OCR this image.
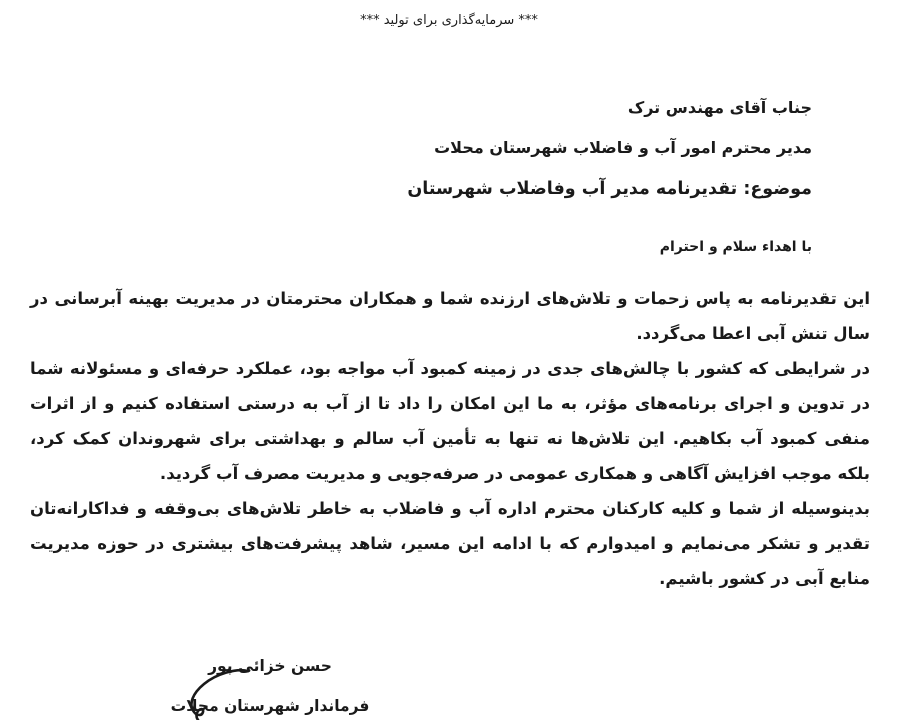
*** سرمایه‌گذاری برای تولید ***
جناب آقای مهندس ترک
مدیر محترم امور آب و فاضلاب شهرستان محلات
موضوع: تقدیرنامه مدیر آب وفاضلاب شهرستان
با اهداء سلام و احترام

این تقدیرنامه به پاس زحمات و تلاش‌های ارزنده شما و همکاران محترمتان در مدیریت بهینه آبرسانی در سال تنش آبی اعطا می‌گردد.

در شرایطی که کشور با چالش‌های جدی در زمینه کمبود آب مواجه بود، عملکرد حرفه‌ای و مسئولانه شما در تدوین و اجرای برنامه‌های مؤثر، به ما این امکان را داد تا از آب به درستی استفاده کنیم و از اثرات منفی کمبود آب بکاهیم. این تلاش‌ها نه تنها به تأمین آب سالم و بهداشتی برای شهروندان کمک کرد، بلکه موجب افزایش آگاهی و همکاری عمومی در صرفه‌جویی و مدیریت مصرف آب گردید.

بدینوسیله از شما و کلیه کارکنان محترم اداره آب و فاضلاب به خاطر تلاش‌های بی‌وقفه و فداکارانه‌تان تقدیر و تشکر می‌نمایم و امیدوارم که با ادامه این مسیر، شاهد پیشرفت‌های بیشتری در حوزه مدیریت منابع آبی در کشور باشیم.

حسن خزائی پور
فرماندار شهرستان محلات
